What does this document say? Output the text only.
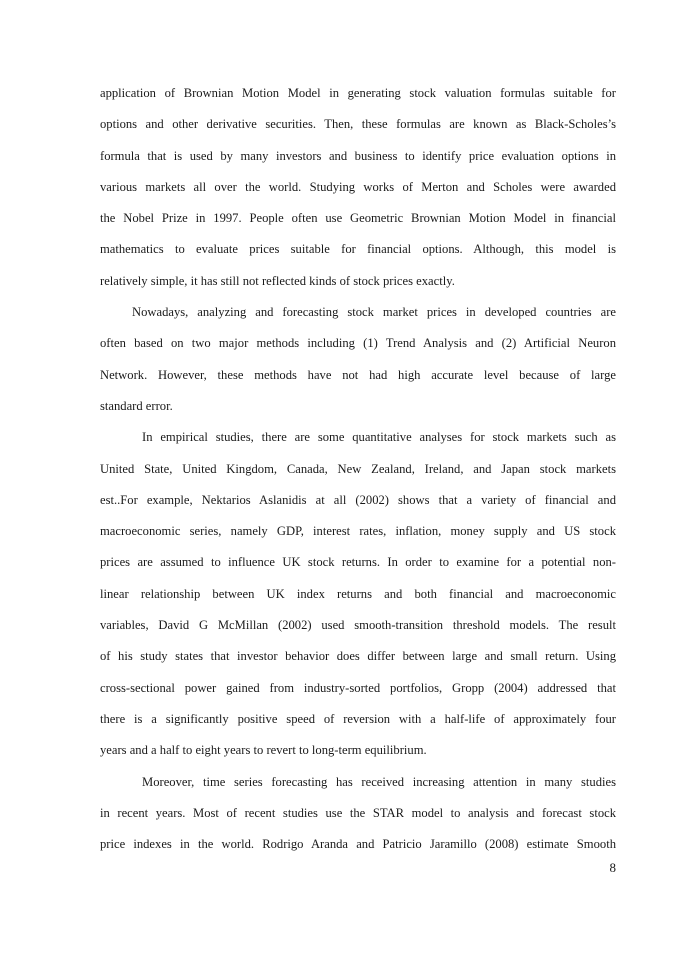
application of Brownian Motion Model in generating stock valuation formulas suitable for
options and other derivative securities. Then, these formulas are known as Black-Scholes’s
formula that is used by many investors and business to identify price evaluation options in
various markets all over the world. Studying works of Merton and Scholes were awarded
the Nobel Prize in 1997. People often use Geometric Brownian Motion Model in financial
mathematics to evaluate prices suitable for financial options. Although, this model is
relatively simple, it has still not reflected kinds of stock prices exactly.
Nowadays, analyzing and forecasting stock market prices in developed countries are
often based on two major methods including (1) Trend Analysis and (2) Artificial Neuron
Network. However, these methods have not had high accurate level because of large
standard error.
In empirical studies, there are some quantitative analyses for stock markets such as
United State, United Kingdom, Canada, New Zealand, Ireland, and Japan stock markets
est..For example, Nektarios Aslanidis at all (2002) shows that a variety of financial and
macroeconomic series, namely GDP, interest rates, inflation, money supply and US stock
prices are assumed to influence UK stock returns. In order to examine for a potential non-
linear relationship between UK index returns and both financial and macroeconomic
variables, David G McMillan (2002) used smooth-transition threshold models. The result
of his study states that investor behavior does differ between large and small return. Using
cross-sectional power gained from industry-sorted portfolios, Gropp (2004) addressed that
there is a significantly positive speed of reversion with a half-life of approximately four
years and a half to eight years to revert to long-term equilibrium.
Moreover, time series forecasting has received increasing attention in many studies
in recent years. Most of recent studies use the STAR model to analysis and forecast stock
price indexes in the world. Rodrigo Aranda and Patricio Jaramillo (2008) estimate Smooth
8
